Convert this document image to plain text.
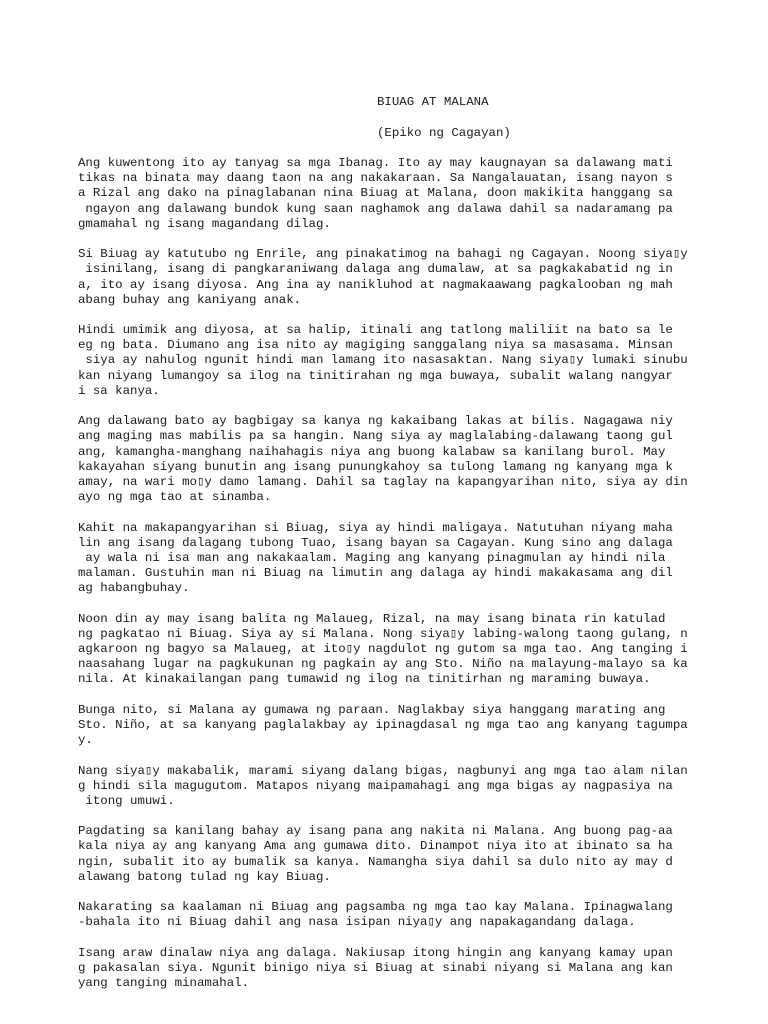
BIUAG AT MALANA
(Epiko ng Cagayan)
Ang kuwentong ito ay tanyag sa mga Ibanag. Ito ay may kaugnayan sa dalawang mati
tikas na binata may daang taon na ang nakakaraan. Sa Nangalauatan, isang nayon s
a Rizal ang dako na pinaglabanan nina Biuag at Malana, doon makikita hanggang sa
ngayon ang dalawang bundok kung saan naghamok ang dalawa dahil sa nadaramang pa
gmamahal ng isang magandang dilag.
Si Biuag ay katutubo ng Enrile, ang pinakatimog na bahagi ng Cagayan. Noong siya▯y
isinilang, isang di pangkaraniwang dalaga ang dumalaw, at sa pagkakabatid ng in
a, ito ay isang diyosa. Ang ina ay nanikluhod at nagmakaawang pagkalooban ng mah
abang buhay ang kaniyang anak.
Hindi umimik ang diyosa, at sa halip, itinali ang tatlong maliliit na bato sa le
eg ng bata. Diumano ang isa nito ay magiging sanggalang niya sa masasama. Minsan
siya ay nahulog ngunit hindi man lamang ito nasasaktan. Nang siya▯y lumaki sinubu
kan niyang lumangoy sa ilog na tinitirahan ng mga buwaya, subalit walang nangyar
i sa kanya.
Ang dalawang bato ay bagbigay sa kanya ng kakaibang lakas at bilis. Nagagawa niy
ang maging mas mabilis pa sa hangin. Nang siya ay maglalabing-dalawang taong gul
ang, kamangha-manghang naihahagis niya ang buong kalabaw sa kanilang burol. May
kakayahan siyang bunutin ang isang punungkahoy sa tulong lamang ng kanyang mga k
amay, na wari mo▯y damo lamang. Dahil sa taglay na kapangyarihan nito, siya ay din
ayo ng mga tao at sinamba.
Kahit na makapangyarihan si Biuag, siya ay hindi maligaya. Natutuhan niyang maha
lin ang isang dalagang tubong Tuao, isang bayan sa Cagayan. Kung sino ang dalaga
ay wala ni isa man ang nakakaalam. Maging ang kanyang pinagmulan ay hindi nila
malaman. Gustuhin man ni Biuag na limutin ang dalaga ay hindi makakasama ang dil
ag habangbuhay.
Noon din ay may isang balita ng Malaueg, Rizal, na may isang binata rin katulad
ng pagkatao ni Biuag. Siya ay si Malana. Nong siya▯y labing-walong taong gulang, n
agkaroon ng bagyo sa Malaueg, at ito▯y nagdulot ng gutom sa mga tao. Ang tanging i
naasahang lugar na pagkukunan ng pagkain ay ang Sto. Niño na malayung-malayo sa ka
nila. At kinakailangan pang tumawid ng ilog na tinitirhan ng maraming buwaya.
Bunga nito, si Malana ay gumawa ng paraan. Naglakbay siya hanggang marating ang
Sto. Niño, at sa kanyang paglalakbay ay ipinagdasal ng mga tao ang kanyang tagumpa
y.
Nang siya▯y makabalik, marami siyang dalang bigas, nagbunyi ang mga tao alam nilan
g hindi sila magugutom. Matapos niyang maipamahagi ang mga bigas ay nagpasiya na
itong umuwi.
Pagdating sa kanilang bahay ay isang pana ang nakita ni Malana. Ang buong pag-aa
kala niya ay ang kanyang Ama ang gumawa dito. Dinampot niya ito at ibinato sa ha
ngin, subalit ito ay bumalik sa kanya. Namangha siya dahil sa dulo nito ay may d
alawang batong tulad ng kay Biuag.
Nakarating sa kaalaman ni Biuag ang pagsamba ng mga tao kay Malana. Ipinagwalang
-bahala ito ni Biuag dahil ang nasa isipan niya▯y ang napakagandang dalaga.
Isang araw dinalaw niya ang dalaga. Nakiusap itong hingin ang kanyang kamay upan
g pakasalan siya. Ngunit binigo niya si Biuag at sinabi niyang si Malana ang kan
yang tanging minamahal.
